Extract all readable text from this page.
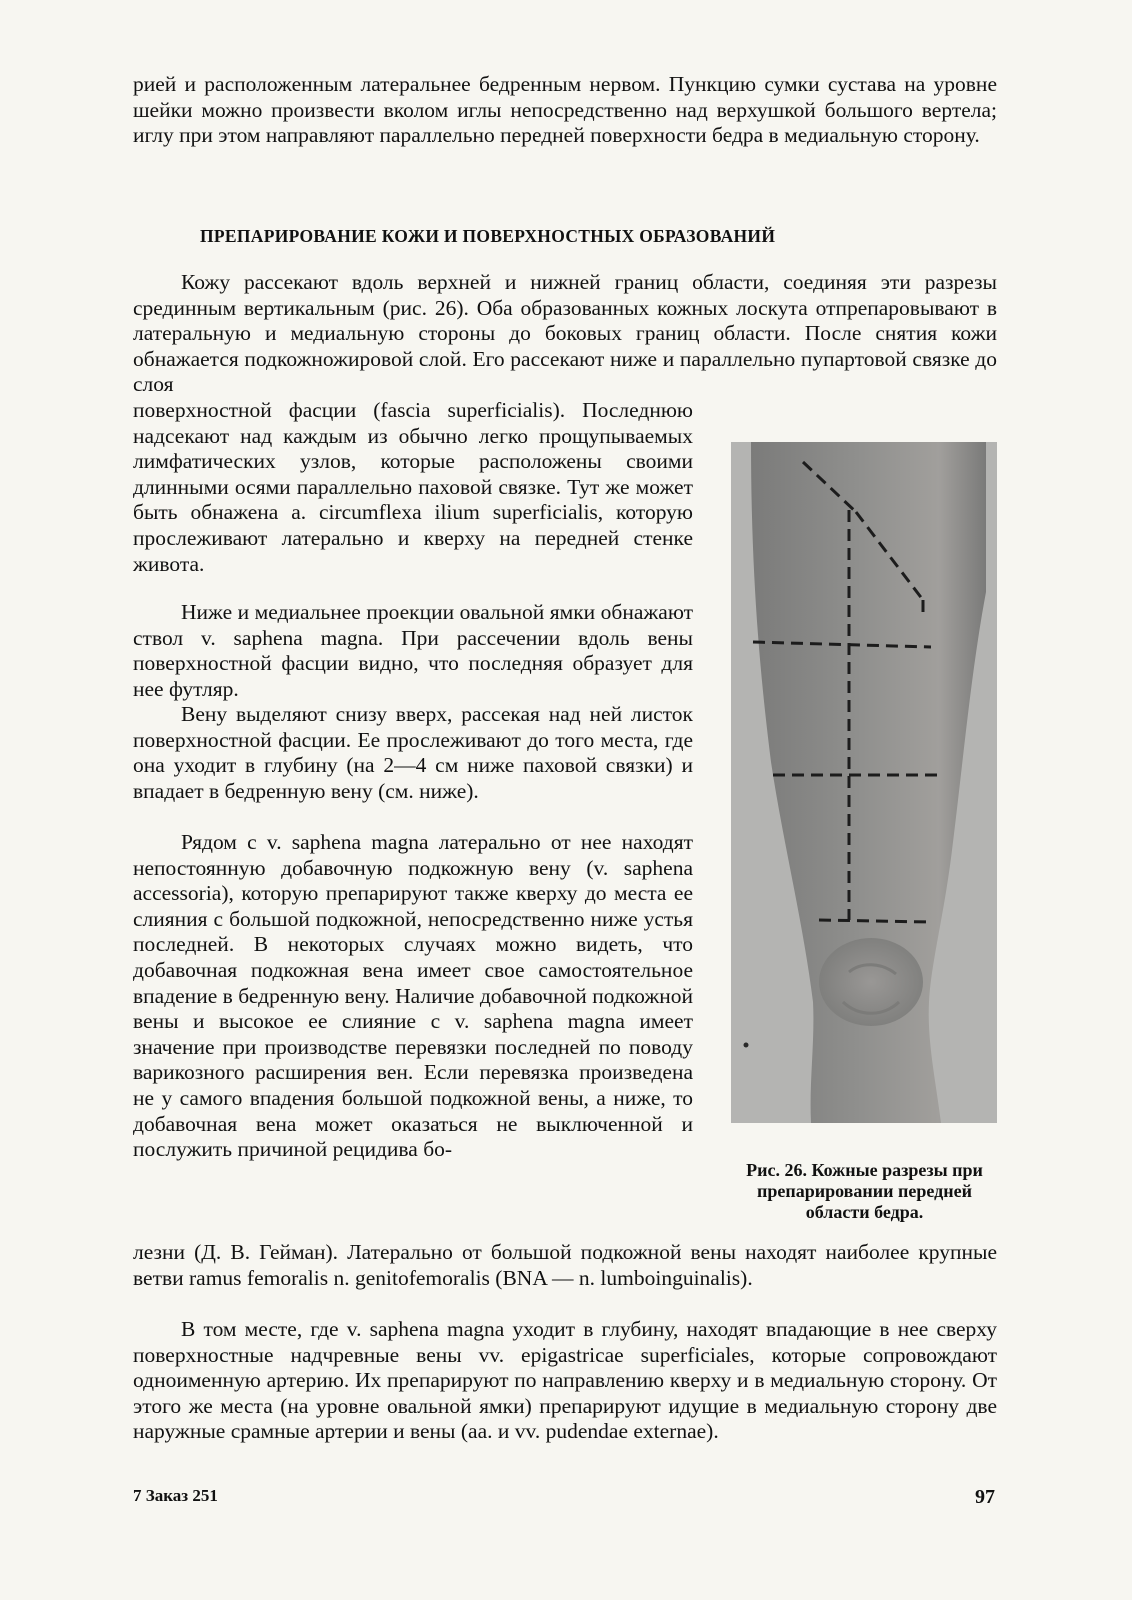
рией и расположенным латеральнее бедренным нервом. Пункцию сумки сустава на уровне шейки можно произвести вколом иглы непосредственно над верхушкой большого вертела; иглу при этом направляют параллельно передней поверхности бедра в медиальную сторону.

ПРЕПАРИРОВАНИЕ КОЖИ И ПОВЕРХНОСТНЫХ ОБРАЗОВАНИЙ

Кожу рассекают вдоль верхней и нижней границ области, соединяя эти разрезы срединным вертикальным (рис. 26). Оба образованных кожных лоскута отпрепаровывают в латеральную и медиальную стороны до боковых границ области. После снятия кожи обнажается подкожножировой слой. Его рассекают ниже и параллельно пупартовой связке до слоя

поверхностной фасции (fascia superficialis). Последнюю надсекают над каждым из обычно легко прощупываемых лимфатических узлов, которые расположены своими длинными осями параллельно паховой связке. Тут же может быть обнажена a. circumflexa ilium superficialis, которую прослеживают латерально и кверху на передней стенке живота.

Ниже и медиальнее проекции овальной ямки обнажают ствол v. saphena magna. При рассечении вдоль вены поверхностной фасции видно, что последняя образует для нее футляр.

Вену выделяют снизу вверх, рассекая над ней листок поверхностной фасции. Ее прослеживают до того места, где она уходит в глубину (на 2—4 см ниже паховой связки) и впадает в бедренную вену (см. ниже).

Рядом с v. saphena magna латерально от нее находят непостоянную добавочную подкожную вену (v. saphena accessoria), которую препарируют также кверху до места ее слияния с большой подкожной, непосредственно ниже устья последней. В некоторых случаях можно видеть, что добавочная подкожная вена имеет свое самостоятельное впадение в бедренную вену. Наличие добавочной подкожной вены и высокое ее слияние с v. saphena magna имеет значение при производстве перевязки последней по поводу варикозного расширения вен. Если перевязка произведена не у самого впадения большой подкожной вены, а ниже, то добавочная вена может оказаться не выключенной и послужить причиной рецидива бо-

лезни (Д. В. Гейман). Латерально от большой подкожной вены находят наиболее крупные ветви ramus femoralis n. genitofemoralis (BNA — n. lumboinguinalis).

В том месте, где v. saphena magna уходит в глубину, находят впадающие в нее сверху поверхностные надчревные вены vv. epigastricae superficiales, которые сопровождают одноименную артерию. Их препарируют по направлению кверху и в медиальную сторону. От этого же места (на уровне овальной ямки) препарируют идущие в медиальную сторону две наружные срамные артерии и вены (aa. и vv. pudendae externae).

Рис. 26. Кожные разрезы при препарировании передней области бедра.
7 Заказ 251	97
